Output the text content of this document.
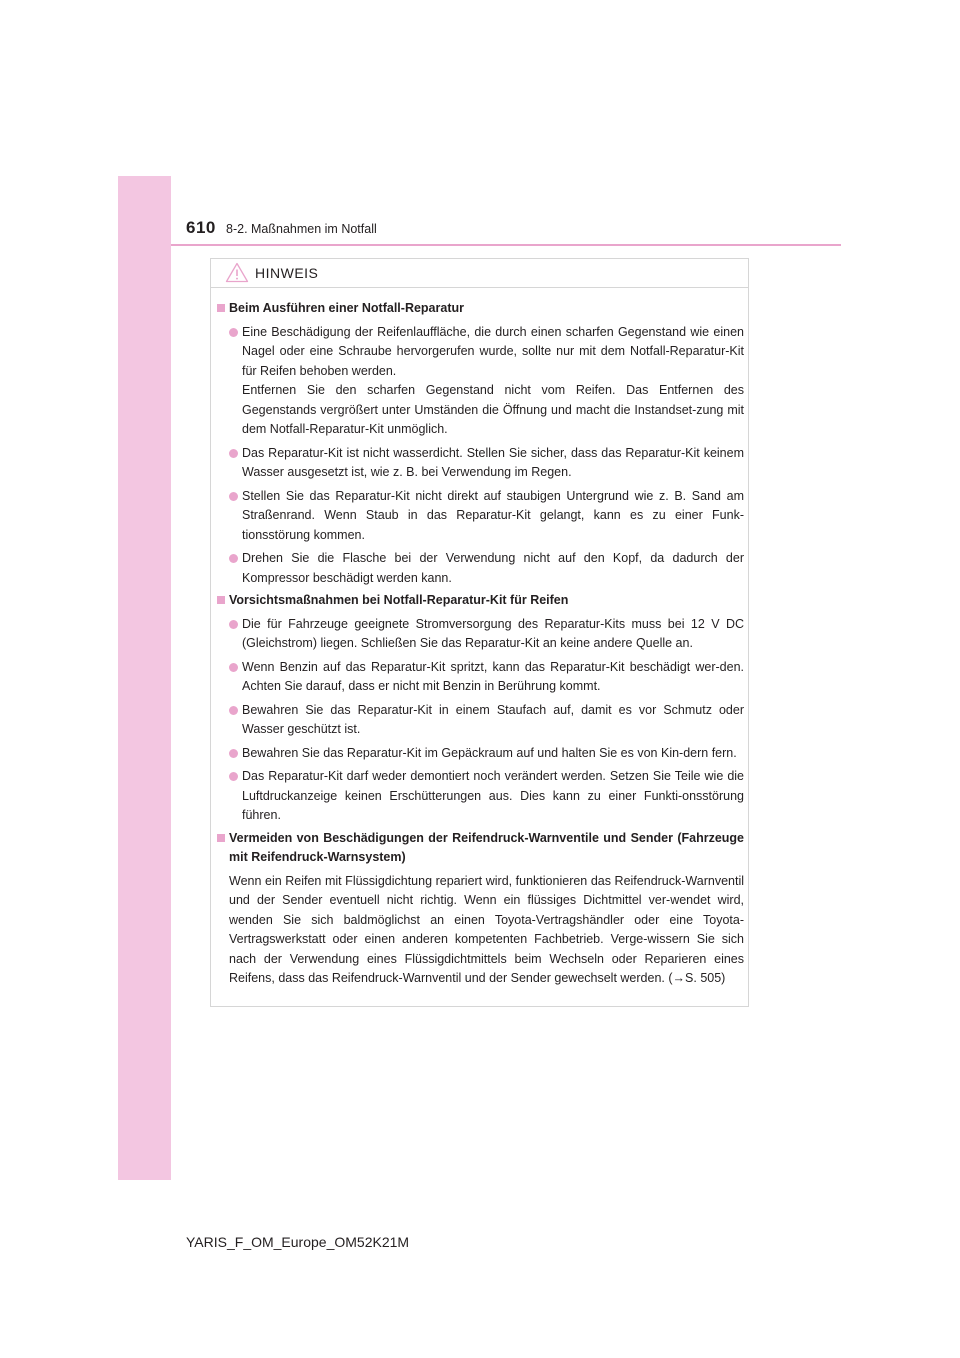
610 8-2. Maßnahmen im Notfall
HINWEIS
Beim Ausführen einer Notfall-Reparatur
Eine Beschädigung der Reifenlauffläche, die durch einen scharfen Gegenstand wie einen Nagel oder eine Schraube hervorgerufen wurde, sollte nur mit dem Notfall-Reparatur-Kit für Reifen behoben werden.
Entfernen Sie den scharfen Gegenstand nicht vom Reifen. Das Entfernen des Gegenstands vergrößert unter Umständen die Öffnung und macht die Instandset-zung mit dem Notfall-Reparatur-Kit unmöglich.
Das Reparatur-Kit ist nicht wasserdicht. Stellen Sie sicher, dass das Reparatur-Kit keinem Wasser ausgesetzt ist, wie z. B. bei Verwendung im Regen.
Stellen Sie das Reparatur-Kit nicht direkt auf staubigen Untergrund wie z. B. Sand am Straßenrand. Wenn Staub in das Reparatur-Kit gelangt, kann es zu einer Funk-tionsstörung kommen.
Drehen Sie die Flasche bei der Verwendung nicht auf den Kopf, da dadurch der Kompressor beschädigt werden kann.
Vorsichtsmaßnahmen bei Notfall-Reparatur-Kit für Reifen
Die für Fahrzeuge geeignete Stromversorgung des Reparatur-Kits muss bei 12 V DC (Gleichstrom) liegen. Schließen Sie das Reparatur-Kit an keine andere Quelle an.
Wenn Benzin auf das Reparatur-Kit spritzt, kann das Reparatur-Kit beschädigt wer-den. Achten Sie darauf, dass er nicht mit Benzin in Berührung kommt.
Bewahren Sie das Reparatur-Kit in einem Staufach auf, damit es vor Schmutz oder Wasser geschützt ist.
Bewahren Sie das Reparatur-Kit im Gepäckraum auf und halten Sie es von Kin-dern fern.
Das Reparatur-Kit darf weder demontiert noch verändert werden. Setzen Sie Teile wie die Luftdruckanzeige keinen Erschütterungen aus. Dies kann zu einer Funkti-onsstörung führen.
Vermeiden von Beschädigungen der Reifendruck-Warnventile und Sender (Fahrzeuge mit Reifendruck-Warnsystem)
Wenn ein Reifen mit Flüssigdichtung repariert wird, funktionieren das Reifendruck-Warnventil und der Sender eventuell nicht richtig. Wenn ein flüssiges Dichtmittel ver-wendet wird, wenden Sie sich baldmöglichst an einen Toyota-Vertragshändler oder eine Toyota-Vertragswerkstatt oder einen anderen kompetenten Fachbetrieb. Verge-wissern Sie sich nach der Verwendung eines Flüssigdichtmittels beim Wechseln oder Reparieren eines Reifens, dass das Reifendruck-Warnventil und der Sender gewechselt werden. (→S. 505)
YARIS_F_OM_Europe_OM52K21M
